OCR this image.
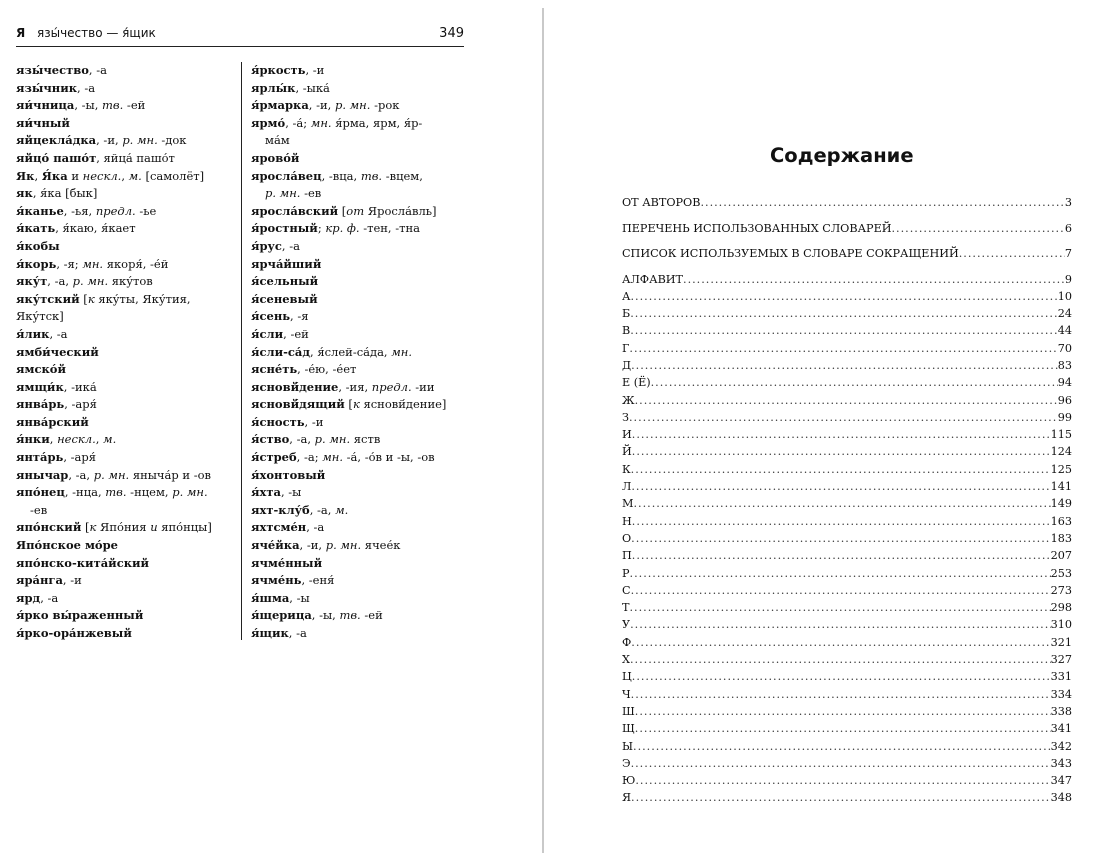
Я язы́чество — я́щик	349
язы́чество, -а
язы́чник, -а
яи́чница, -ы, тв. -ей
яи́чный
яйцекла́дка, -и, р. мн. -док
яйцо́ пашо́т, яйца́ пашо́т
Як, Я́ка и нескл., м. [самолёт]
як, я́ка [бык]
я́канье, -ья, предл. -ье
я́кать, я́каю, я́кает
я́кобы
я́корь, -я; мн. якоря́, -е́й
яку́т, -а, р. мн. яку́тов
яку́тский [к яку́ты, Яку́тия,
Яку́тск]
я́лик, -а
ямби́ческий
ямско́й
ямщи́к, -ика́
янва́рь, -аря́
янва́рский
я́нки, нескл., м.
янта́рь, -аря́
янычар, -а, р. мн. яныча́р и -ов
япо́нец, -нца, тв. -нцем, р. мн.
-ев
япо́нский [к Япо́ния и япо́нцы]
Япо́нское мо́ре
япо́нско-кита́йский
яра́нга, -и
ярд, -а
я́рко вы́раженный
я́рко-ора́нжевый
я́ркость, -и
ярлы́к, -ыка́
я́рмарка, -и, р. мн. -рок
ярмо́, -а́; мн. я́рма, ярм, я́р-
ма́м
ярово́й
яросла́вец, -вца, тв. -вцем,
р. мн. -ев
яросла́вский [от Яросла́вль]
я́ростный; кр. ф. -тен, -тна
я́рус, -а
ярча́йший
я́сельный
я́сеневый
я́сень, -я
я́сли, -ей
я́сли-са́д, я́слей-са́да, мн.
ясне́ть, -е́ю, -е́ет
ясновй́дение, -ия, предл. -ии
ясновй́дящий [к ясновй́дение]
я́сность, -и
я́ство, -а, р. мн. яств
я́стреб, -а; мн. -а́, -о́в и -ы, -ов
я́хонтовый
я́хта, -ы
яхт-клу́б, -а, м.
яхтсме́н, -а
яче́йка, -и, р. мн. ячее́к
ячме́нный
ячме́нь, -еня́
я́шма, -ы
я́щерица, -ы, тв. -ей
я́щик, -а
Содержание
ОТ АВТОРОВ .....	3
ПЕРЕЧЕНЬ ИСПОЛЬЗОВАННЫХ СЛОВАРЕЙ .....	6
СПИСОК ИСПОЛЬЗУЕМЫХ В СЛОВАРЕ СОКРАЩЕНИЙ .....	7
АЛФАВИТ .....	9
А .....	10
Б .....	24
В .....	44
Г .....	70
Д .....	83
Е (Ё) .....	94
Ж .....	96
З .....	99
И .....	115
Й .....	124
К .....	125
Л .....	141
М .....	149
Н .....	163
О .....	183
П .....	207
Р .....	253
С .....	273
Т .....	298
У .....	310
Ф .....	321
Х .....	327
Ц .....	331
Ч .....	334
Ш .....	338
Щ .....	341
Ы .....	342
Э .....	343
Ю .....	347
Я .....	348
